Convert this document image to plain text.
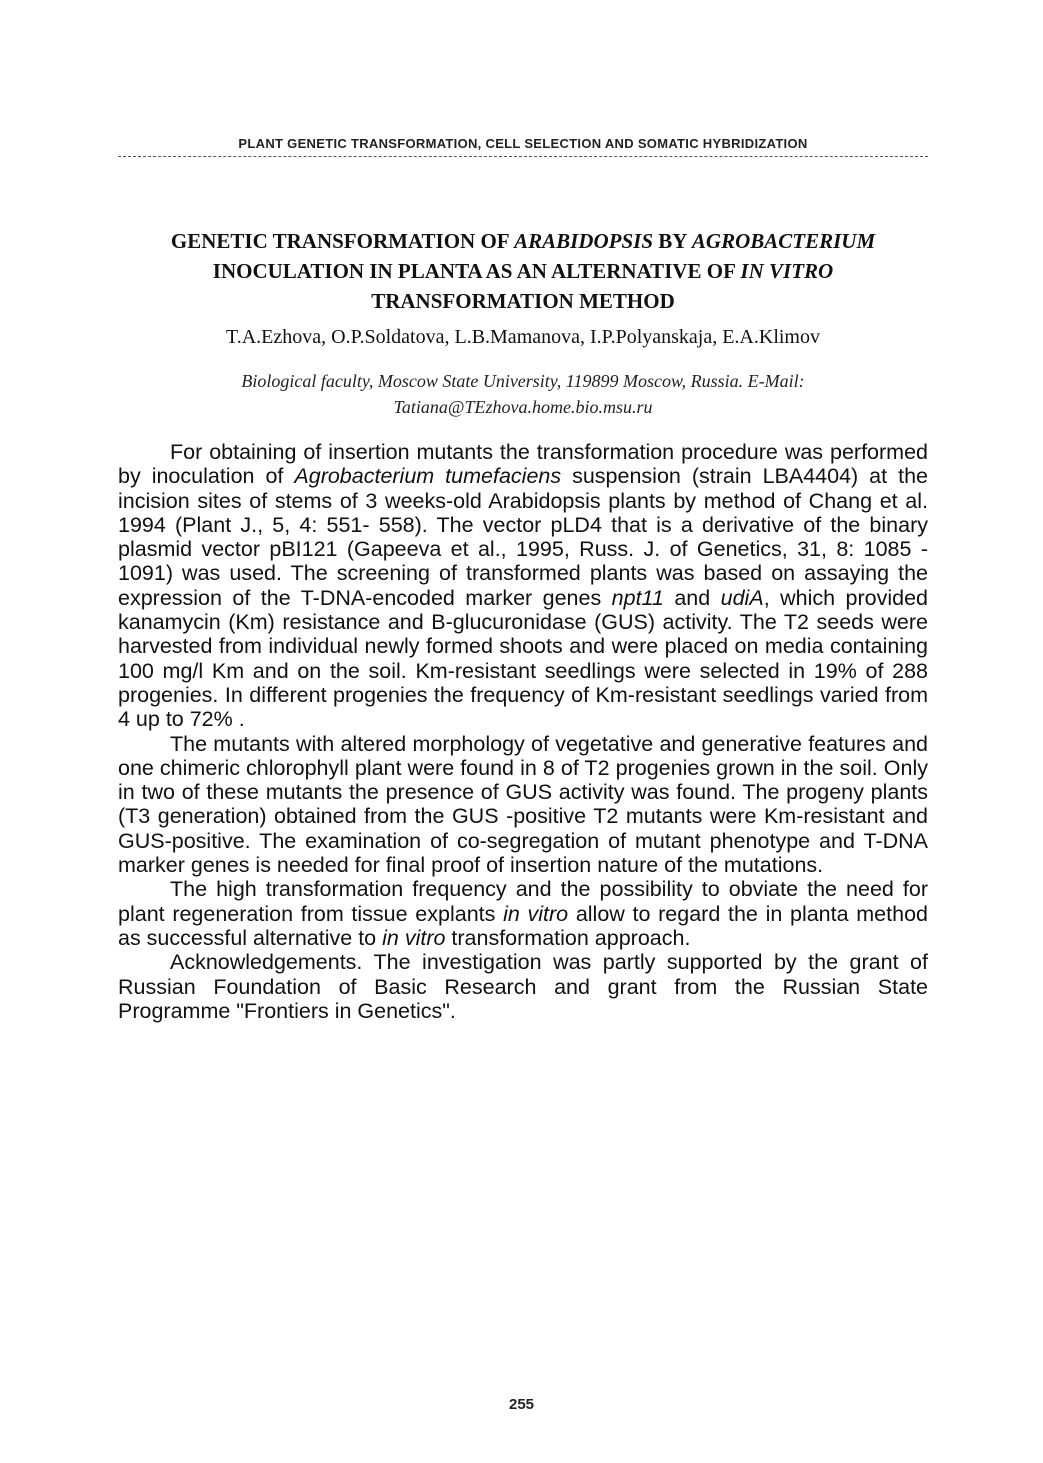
PLANT GENETIC TRANSFORMATION, CELL SELECTION AND SOMATIC HYBRIDIZATION
GENETIC TRANSFORMATION OF ARABIDOPSIS BY AGROBACTERIUM
INOCULATION IN PLANTA AS AN ALTERNATIVE OF IN VITRO
TRANSFORMATION METHOD
T.A.Ezhova, O.P.Soldatova, L.B.Mamanova, I.P.Polyanskaja, E.A.Klimov
Biological faculty, Moscow State University, 119899 Moscow, Russia. E-Mail:
Tatiana@TEzhova.home.bio.msu.ru

For obtaining of insertion mutants the transformation procedure was performed by inoculation of Agrobacterium tumefaciens suspension (strain LBA4404) at the incision sites of stems of 3 weeks-old Arabidopsis plants by method of Chang et al. 1994 (Plant J., 5, 4: 551- 558). The vector pLD4 that is a derivative of the binary plasmid vector pBI121 (Gapeeva et al., 1995, Russ. J. of Genetics, 31, 8: 1085 - 1091) was used. The screening of transformed plants was based on assaying the expression of the T-DNA-encoded marker genes npt11 and udiA, which provided kanamycin (Km) resistance and B-glucuronidase (GUS) activity. The T2 seeds were harvested from individual newly formed shoots and were placed on media containing 100 mg/l Km and on the soil. Km-resistant seedlings were selected in 19% of 288 progenies. In different progenies the frequency of Km-resistant seedlings varied from 4 up to 72% .

The mutants with altered morphology of vegetative and generative features and one chimeric chlorophyll plant were found in 8 of T2 progenies grown in the soil. Only in two of these mutants the presence of GUS activity was found. The progeny plants (T3 generation) obtained from the GUS -positive T2 mutants were Km-resistant and GUS-positive. The examination of co-segregation of mutant phenotype and T-DNA marker genes is needed for final proof of insertion nature of the mutations.

The high transformation frequency and the possibility to obviate the need for plant regeneration from tissue explants in vitro allow to regard the in planta method as successful alternative to in vitro transformation approach.

Acknowledgements. The investigation was partly supported by the grant of Russian Foundation of Basic Research and grant from the Russian State Programme "Frontiers in Genetics".

255
